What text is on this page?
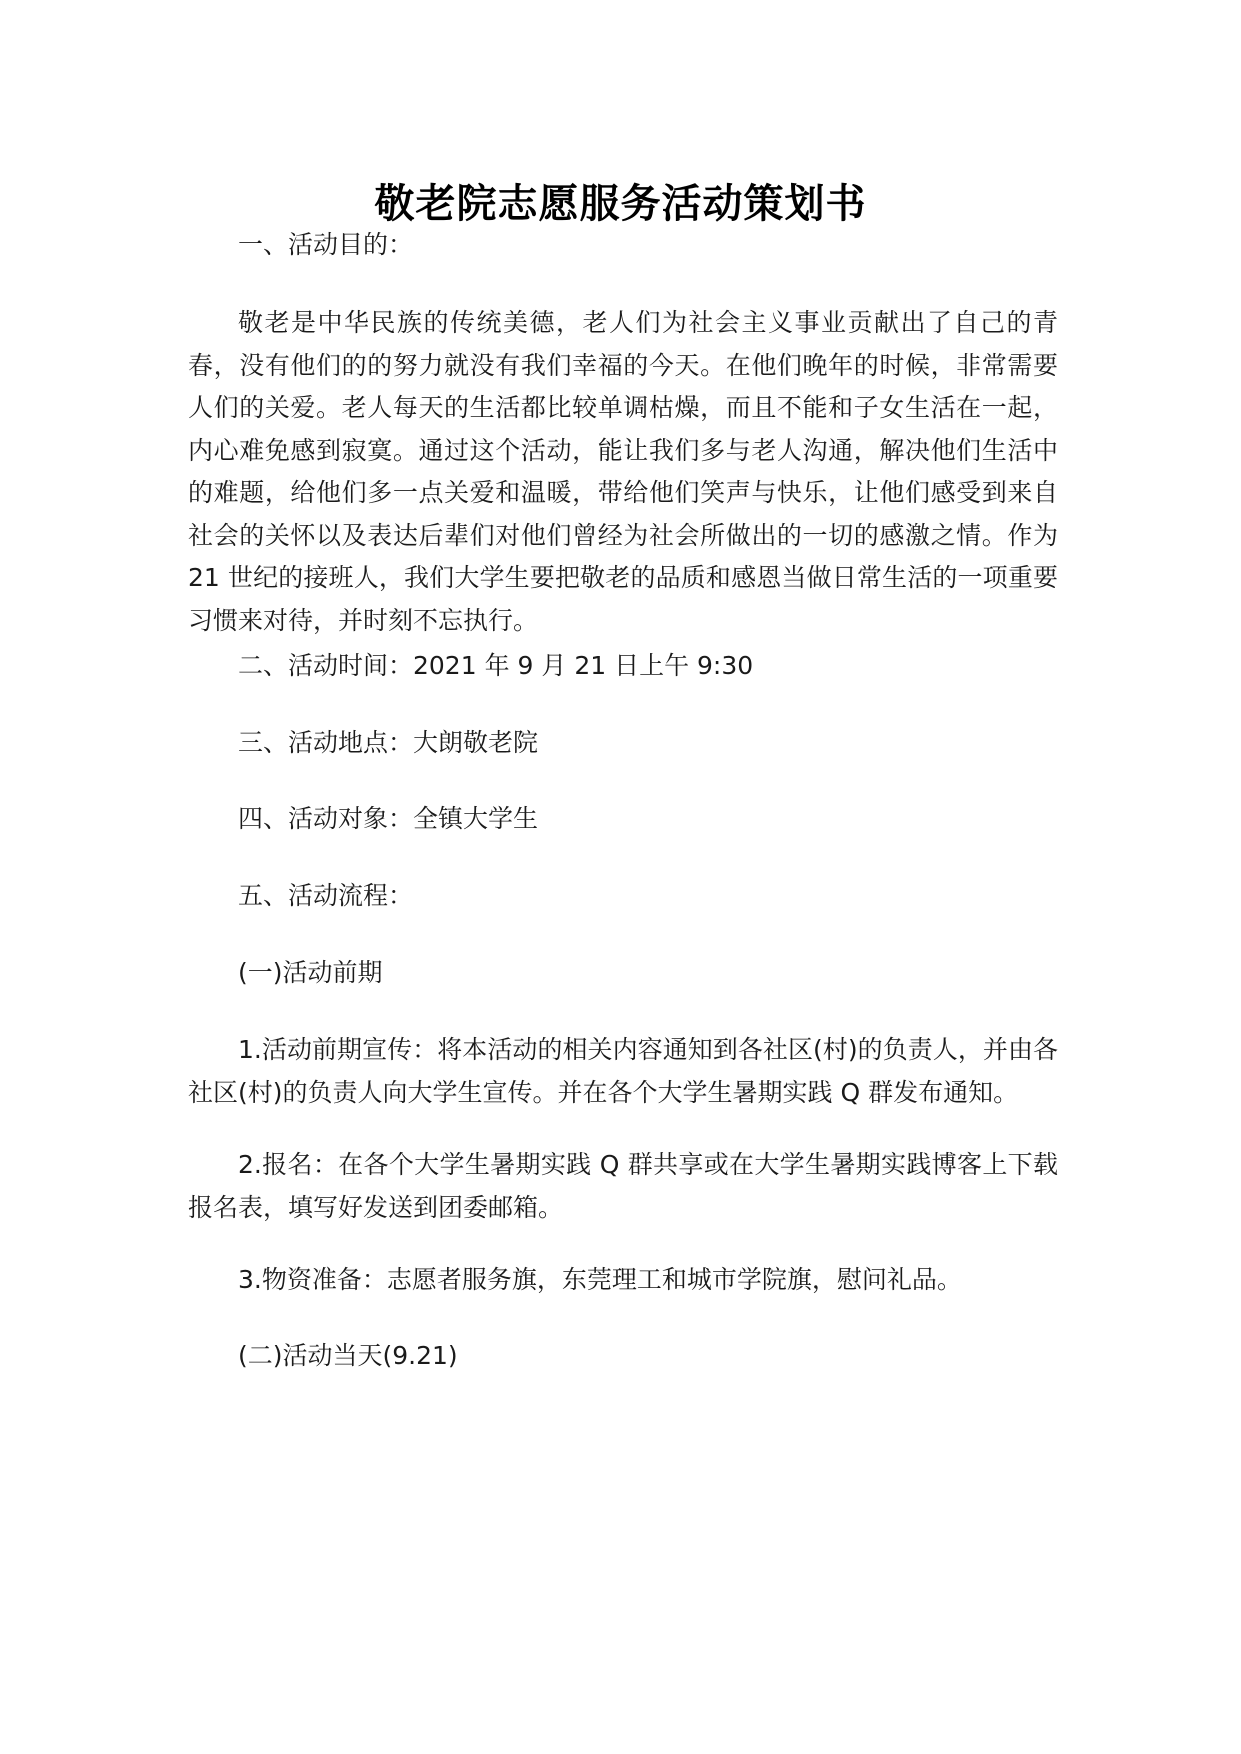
敬老院志愿服务活动策划书

一、活动目的：

敬老是中华民族的传统美德，老人们为社会主义事业贡献出了自己的青春，没有他们的的努力就没有我们幸福的今天。在他们晚年的时候，非常需要人们的关爱。老人每天的生活都比较单调枯燥，而且不能和子女生活在一起，内心难免感到寂寞。通过这个活动，能让我们多与老人沟通，解决他们生活中的难题，给他们多一点关爱和温暖，带给他们笑声与快乐，让他们感受到来自社会的关怀以及表达后辈们对他们曾经为社会所做出的一切的感激之情。作为 21 世纪的接班人，我们大学生要把敬老的品质和感恩当做日常生活的一项重要习惯来对待，并时刻不忘执行。

二、活动时间：2021 年 9 月 21 日上午 9:30

三、活动地点：大朗敬老院

四、活动对象：全镇大学生

五、活动流程：

(一)活动前期

1.活动前期宣传：将本活动的相关内容通知到各社区(村)的负责人，并由各社区(村)的负责人向大学生宣传。并在各个大学生暑期实践 Q 群发布通知。

2.报名：在各个大学生暑期实践 Q 群共享或在大学生暑期实践博客上下载报名表，填写好发送到团委邮箱。

3.物资准备：志愿者服务旗，东莞理工和城市学院旗，慰问礼品。

(二)活动当天(9.21)
